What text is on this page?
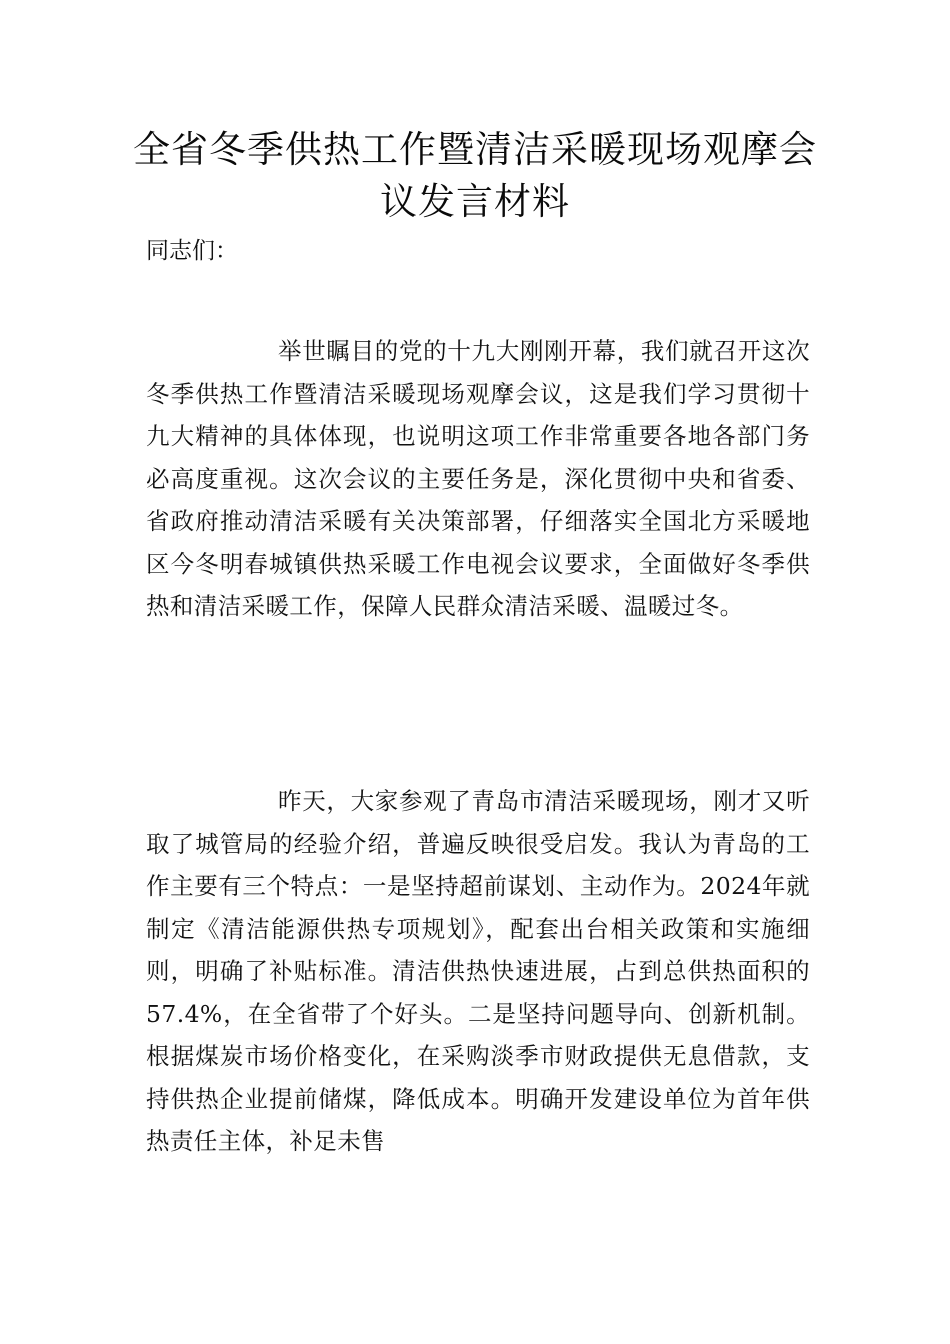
全省冬季供热工作暨清洁采暖现场观摩会议发言材料

同志们：

举世瞩目的党的十九大刚刚开幕，我们就召开这次冬季供热工作暨清洁采暖现场观摩会议，这是我们学习贯彻十九大精神的具体体现，也说明这项工作非常重要各地各部门务必高度重视。这次会议的主要任务是，深化贯彻中央和省委、省政府推动清洁采暖有关决策部署，仔细落实全国北方采暖地区今冬明春城镇供热采暖工作电视会议要求，全面做好冬季供热和清洁采暖工作，保障人民群众清洁采暖、温暖过冬。

昨天，大家参观了青岛市清洁采暖现场，刚才又听取了城管局的经验介绍，普遍反映很受启发。我认为青岛的工作主要有三个特点：一是坚持超前谋划、主动作为。2024年就制定《清洁能源供热专项规划》，配套出台相关政策和实施细则，明确了补贴标准。清洁供热快速进展，占到总供热面积的57.4%，在全省带了个好头。二是坚持问题导向、创新机制。根据煤炭市场价格变化，在采购淡季市财政提供无息借款，支持供热企业提前储煤，降低成本。明确开发建设单位为首年供热责任主体，补足未售
